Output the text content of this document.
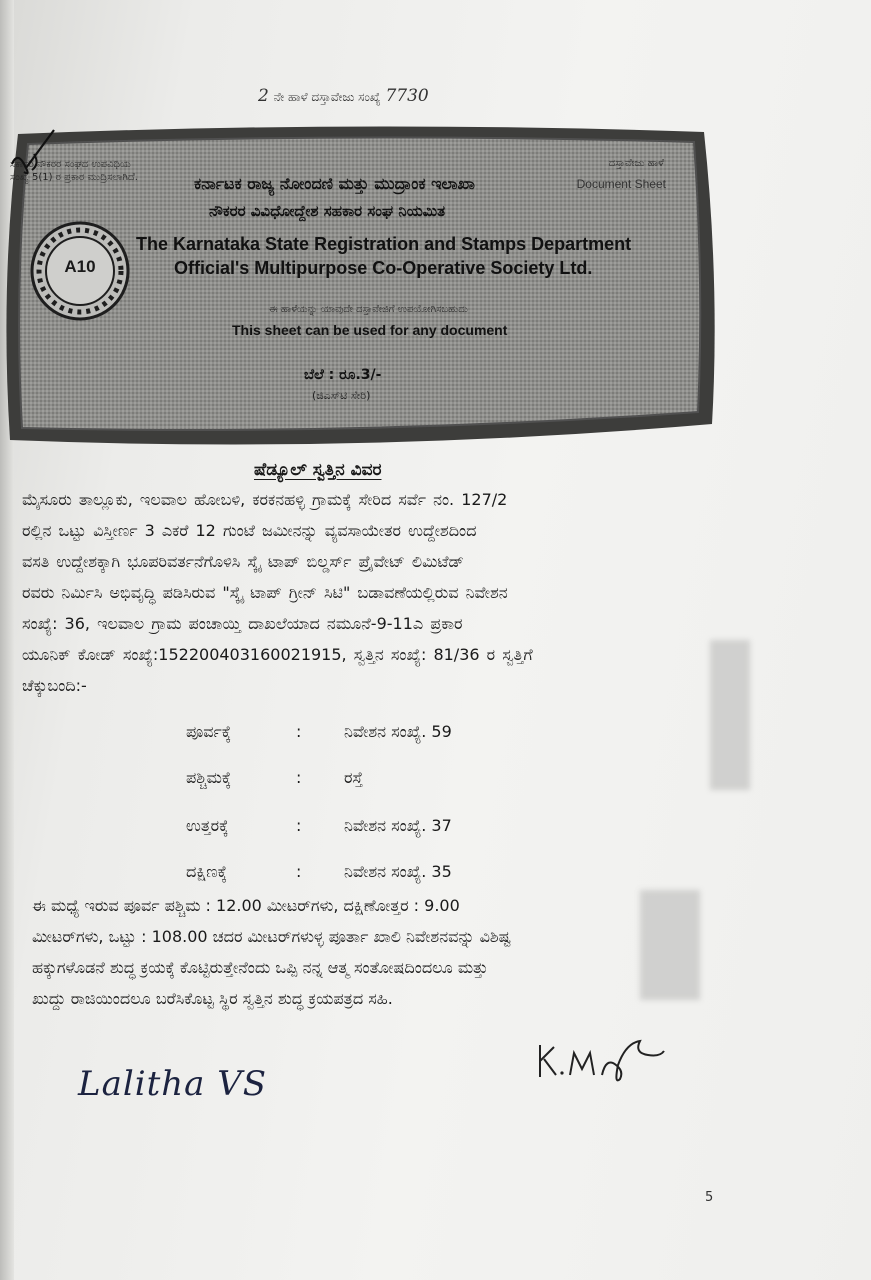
2 ನೇ ಹಾಳೆ ದಸ್ತಾವೇಜು ಸಂಖ್ಯೆ 7730
ಸರ್ಕಾರಿ ನೌಕರರ ಸಂಘದ ಉಪವಿಧಿಯ
ಸಂಖ್ಯೆ 5(1) ರ ಪ್ರಕಾರ ಮುದ್ರಿಸಲಾಗಿದೆ.
ದಸ್ತಾವೇಜು ಹಾಳೆ
Document Sheet
ಕರ್ನಾಟಕ ರಾಜ್ಯ ನೋಂದಣಿ ಮತ್ತು ಮುದ್ರಾಂಕ ಇಲಾಖಾ
ನೌಕರರ ವಿವಿಧೋದ್ದೇಶ ಸಹಕಾರ ಸಂಘ ನಿಯಮಿತ
The Karnataka State Registration and Stamps Department
Official's Multipurpose Co-Operative Society Ltd.
ಈ ಹಾಳೆಯನ್ನು ಯಾವುದೇ ದಸ್ತಾವೇಜಿಗೆ ಉಪಯೋಗಿಸಬಹುದು
This sheet can be used for any document
ಬೆಲೆ : ರೂ.3/-
(ಜಿಎಸ್‌ಟಿ ಸೇರಿ)
A10
ಷೆಡ್ಯೂಲ್ ಸ್ವತ್ತಿನ ವಿವರ
ಮೈಸೂರು ತಾಲ್ಲೂಕು, ಇಲವಾಲ ಹೋಬಳಿ, ಕರಕನಹಳ್ಳಿ ಗ್ರಾಮಕ್ಕೆ ಸೇರಿದ ಸರ್ವೆ ನಂ. 127/2
ರಲ್ಲಿನ ಒಟ್ಟು ವಿಸ್ತೀರ್ಣ 3 ಎಕರೆ 12 ಗುಂಟೆ ಜಮೀನನ್ನು ವ್ಯವಸಾಯೇತರ ಉದ್ದೇಶದಿಂದ
ವಸತಿ ಉದ್ದೇಶಕ್ಕಾಗಿ ಭೂಪರಿವರ್ತನೆಗೊಳಿಸಿ ಸ್ಕೈ ಟಾಪ್ ಬಿಲ್ಡರ್ಸ್ ಪ್ರೈವೇಟ್ ಲಿಮಿಟೆಡ್
ರವರು ನಿರ್ಮಿಸಿ ಅಭಿವೃದ್ಧಿ ಪಡಿಸಿರುವ "ಸ್ಕೈ ಟಾಪ್ ಗ್ರೀನ್ ಸಿಟಿ" ಬಡಾವಣೆಯಲ್ಲಿರುವ ನಿವೇಶನ
ಸಂಖ್ಯೆ: 36, ಇಲವಾಲ ಗ್ರಾಮ ಪಂಚಾಯ್ತಿ ದಾಖಲೆಯಾದ ನಮೂನೆ-9-11ಎ ಪ್ರಕಾರ
ಯೂನಿಕ್ ಕೋಡ್ ಸಂಖ್ಯೆ:152200403160021915, ಸ್ವತ್ತಿನ ಸಂಖ್ಯೆ: 81/36 ರ ಸ್ವತ್ತಿಗೆ
ಚೆಕ್ಕುಬಂದಿ:-
ಪೂರ್ವಕ್ಕೆ	:	ನಿವೇಶನ ಸಂಖ್ಯೆ. 59
ಪಶ್ಚಿಮಕ್ಕೆ	:	ರಸ್ತೆ
ಉತ್ತರಕ್ಕೆ	:	ನಿವೇಶನ ಸಂಖ್ಯೆ. 37
ದಕ್ಷಿಣಕ್ಕೆ	:	ನಿವೇಶನ ಸಂಖ್ಯೆ. 35
ಈ ಮಧ್ಯೆ ಇರುವ ಪೂರ್ವ ಪಶ್ಚಿಮ : 12.00 ಮೀಟರ್‌ಗಳು, ದಕ್ಷಿಣೋತ್ತರ : 9.00
ಮೀಟರ್‌ಗಳು, ಒಟ್ಟು : 108.00 ಚದರ ಮೀಟರ್‌ಗಳುಳ್ಳ ಪೂರ್ತಾ ಖಾಲಿ ನಿವೇಶನವನ್ನು ವಿಶಿಷ್ಟ
ಹಕ್ಕುಗಳೊಡನೆ ಶುದ್ಧ ಕ್ರಯಕ್ಕೆ ಕೊಟ್ಟಿರುತ್ತೇನೆಂದು ಒಪ್ಪಿ ನನ್ನ ಆತ್ಮ ಸಂತೋಷದಿಂದಲೂ ಮತ್ತು
ಖುದ್ದು ರಾಜಿಯಿಂದಲೂ ಬರೆಸಿಕೊಟ್ಟ ಸ್ಥಿರ ಸ್ವತ್ತಿನ ಶುದ್ಧ ಕ್ರಯಪತ್ರದ ಸಹಿ.
Lalitha VS
5
